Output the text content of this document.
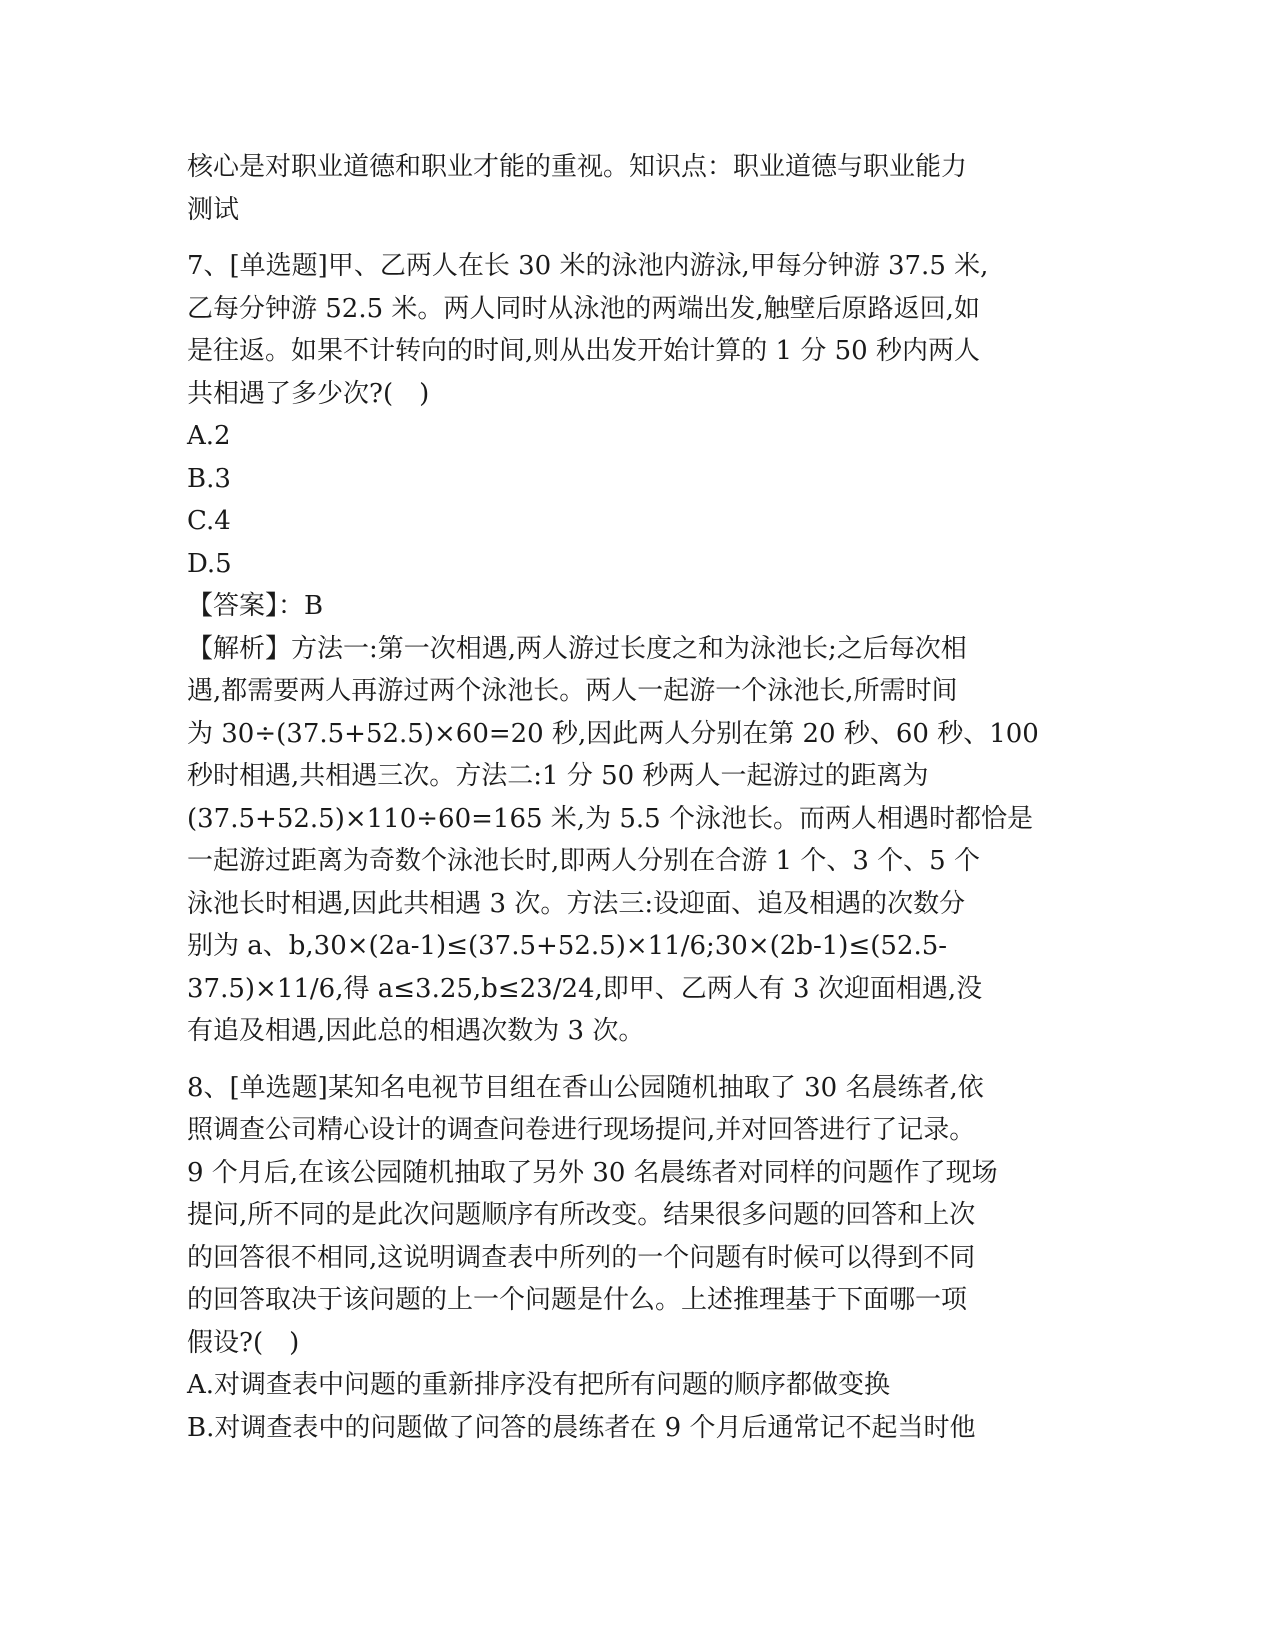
核心是对职业道德和职业才能的重视。知识点：职业道德与职业能力
测试
7、[单选题]甲、乙两人在长 30 米的泳池内游泳,甲每分钟游 37.5 米,
乙每分钟游 52.5 米。两人同时从泳池的两端出发,触壁后原路返回,如
是往返。如果不计转向的时间,则从出发开始计算的 1 分 50 秒内两人
共相遇了多少次?(　)
A.2
B.3
C.4
D.5
【答案】：B
【解析】方法一:第一次相遇,两人游过长度之和为泳池长;之后每次相
遇,都需要两人再游过两个泳池长。两人一起游一个泳池长,所需时间
为 30÷(37.5+52.5)×60=20 秒,因此两人分别在第 20 秒、60 秒、100
秒时相遇,共相遇三次。方法二:1 分 50 秒两人一起游过的距离为
(37.5+52.5)×110÷60=165 米,为 5.5 个泳池长。而两人相遇时都恰是
一起游过距离为奇数个泳池长时,即两人分别在合游 1 个、3 个、5 个
泳池长时相遇,因此共相遇 3 次。方法三:设迎面、追及相遇的次数分
别为 a、b,30×(2a-1)≤(37.5+52.5)×11/6;30×(2b-1)≤(52.5-
37.5)×11/6,得 a≤3.25,b≤23/24,即甲、乙两人有 3 次迎面相遇,没
有追及相遇,因此总的相遇次数为 3 次。
8、[单选题]某知名电视节目组在香山公园随机抽取了 30 名晨练者,依
照调查公司精心设计的调查问卷进行现场提问,并对回答进行了记录。
9 个月后,在该公园随机抽取了另外 30 名晨练者对同样的问题作了现场
提问,所不同的是此次问题顺序有所改变。结果很多问题的回答和上次
的回答很不相同,这说明调查表中所列的一个问题有时候可以得到不同
的回答取决于该问题的上一个问题是什么。上述推理基于下面哪一项
假设?(　)
A.对调查表中问题的重新排序没有把所有问题的顺序都做变换
B.对调查表中的问题做了问答的晨练者在 9 个月后通常记不起当时他
